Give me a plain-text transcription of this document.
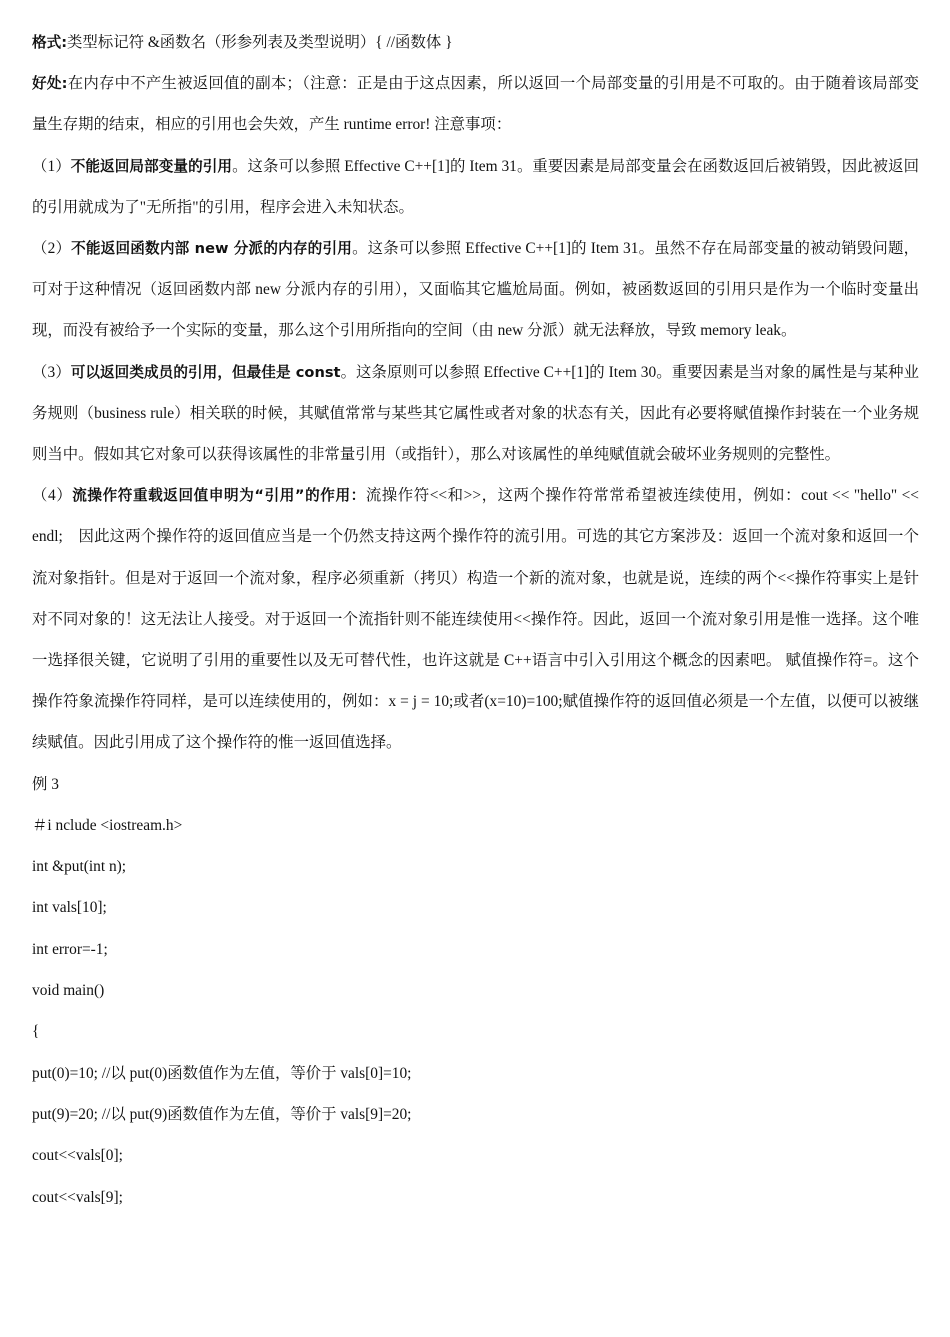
格式:类型标记符 &函数名（形参列表及类型说明）{ //函数体 }

好处:在内存中不产生被返回值的副本；（注意：正是由于这点因素，所以返回一个局部变量的引用是不可取的。由于随着该局部变量生存期的结束，相应的引用也会失效，产生 runtime error! 注意事项：

（1）不能返回局部变量的引用。这条可以参照 Effective C++[1]的 Item 31。重要因素是局部变量会在函数返回后被销毁，因此被返回的引用就成为了"无所指"的引用，程序会进入未知状态。

（2）不能返回函数内部 new 分派的内存的引用。这条可以参照 Effective C++[1]的 Item 31。虽然不存在局部变量的被动销毁问题，可对于这种情况（返回函数内部 new 分派内存的引用），又面临其它尴尬局面。例如，被函数返回的引用只是作为一个临时变量出现，而没有被给予一个实际的变量，那么这个引用所指向的空间（由 new 分派）就无法释放，导致 memory leak。

（3）可以返回类成员的引用，但最佳是 const。这条原则可以参照 Effective C++[1]的 Item 30。重要因素是当对象的属性是与某种业务规则（business rule）相关联的时候，其赋值常常与某些其它属性或者对象的状态有关，因此有必要将赋值操作封装在一个业务规则当中。假如其它对象可以获得该属性的非常量引用（或指针），那么对该属性的单纯赋值就会破坏业务规则的完整性。

（4）流操作符重载返回值申明为“引用”的作用：流操作符<<和>>，这两个操作符常常希望被连续使用，例如：cout << "hello" << endl;　因此这两个操作符的返回值应当是一个仍然支持这两个操作符的流引用。可选的其它方案涉及：返回一个流对象和返回一个流对象指针。但是对于返回一个流对象，程序必须重新（拷贝）构造一个新的流对象，也就是说，连续的两个<<操作符事实上是针对不同对象的！这无法让人接受。对于返回一个流指针则不能连续使用<<操作符。因此，返回一个流对象引用是惟一选择。这个唯一选择很关键，它说明了引用的重要性以及无可替代性，也许这就是 C++语言中引入引用这个概念的因素吧。 赋值操作符=。这个操作符象流操作符同样，是可以连续使用的，例如：x = j = 10;或者(x=10)=100;赋值操作符的返回值必须是一个左值，以便可以被继续赋值。因此引用成了这个操作符的惟一返回值选择。

例 3

＃i nclude <iostream.h>

int &put(int n);

int vals[10];

int error=-1;

void main()

{

put(0)=10; //以 put(0)函数值作为左值，等价于 vals[0]=10;

put(9)=20; //以 put(9)函数值作为左值，等价于 vals[9]=20;

cout<<vals[0];

cout<<vals[9];
